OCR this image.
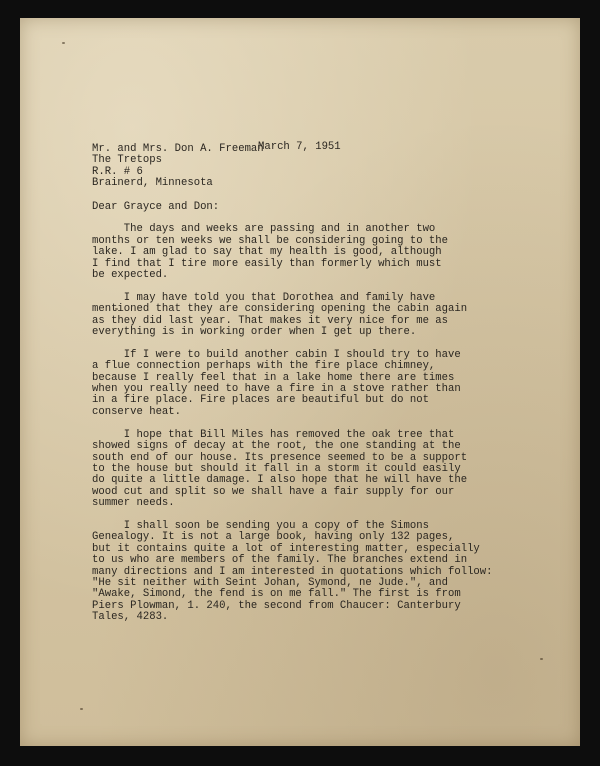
March 7, 1951
Mr. and Mrs. Don A. Freeman
The Tretops
R.R. # 6
Brainerd, Minnesota
Dear Grayce and Don:
The days and weeks are passing and in another two
months or ten weeks we shall be considering going to the
lake. I am glad to say that my health is good, although
I find that I tire more easily than formerly which must
be expected.
I may have told you that Dorothea and family have
mentioned that they are considering opening the cabin again
as they did last year. That makes it very nice for me as
everything is in working order when I get up there.
If I were to build another cabin I should try to have
a flue connection perhaps with the fire place chimney,
because I really feel that in a lake home there are times
when you really need to have a fire in a stove rather than
in a fire place. Fire places are beautiful but do not
conserve heat.
I hope that Bill Miles has removed the oak tree that
showed signs of decay at the root, the one standing at the
south end of our house. Its presence seemed to be a support
to the house but should it fall in a storm it could easily
do quite a little damage. I also hope that he will have the
wood cut and split so we shall have a fair supply for our
summer needs.
I shall soon be sending you a copy of the Simons
Genealogy. It is not a large book, having only 132 pages,
but it contains quite a lot of interesting matter, especially
to us who are members of the family. The branches extend in
many directions and I am interested in quotations which follow:
"He sit neither with Seint Johan, Symond, ne Jude.", and
"Awake, Simond, the fend is on me fall." The first is from
Piers Plowman, 1. 240, the second from Chaucer: Canterbury
Tales, 4283.
